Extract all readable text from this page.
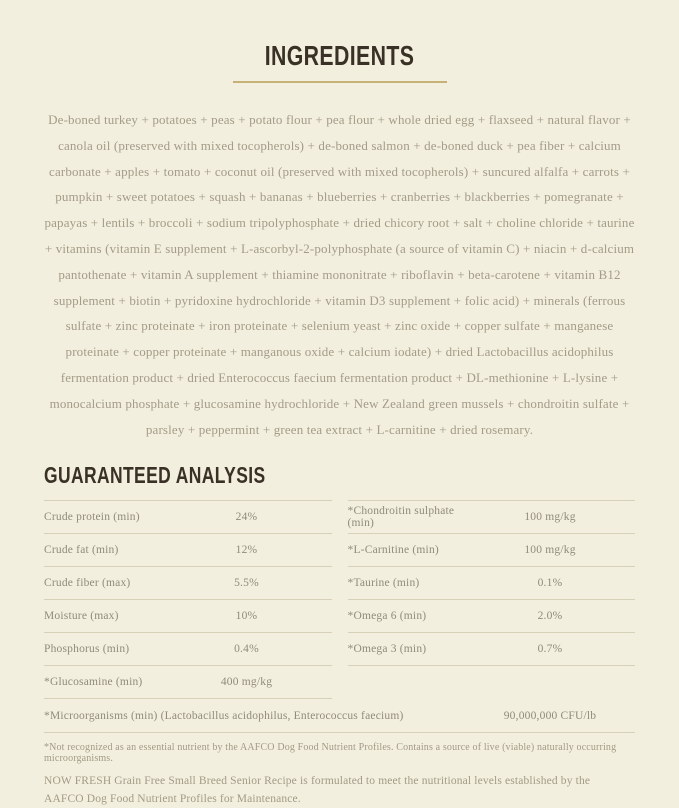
INGREDIENTS

De-boned turkey + potatoes + peas + potato flour + pea flour + whole dried egg + flaxseed + natural flavor + canola oil (preserved with mixed tocopherols) + de-boned salmon + de-boned duck + pea fiber + calcium carbonate + apples + tomato + coconut oil (preserved with mixed tocopherols) + suncured alfalfa + carrots + pumpkin + sweet potatoes + squash + bananas + blueberries + cranberries + blackberries + pomegranate + papayas + lentils + broccoli + sodium tripolyphosphate + dried chicory root + salt + choline chloride + taurine + vitamins (vitamin E supplement + L-ascorbyl-2-polyphosphate (a source of vitamin C) + niacin + d-calcium pantothenate + vitamin A supplement + thiamine mononitrate + riboflavin + beta-carotene + vitamin B12 supplement + biotin + pyridoxine hydrochloride + vitamin D3 supplement + folic acid) + minerals (ferrous sulfate + zinc proteinate + iron proteinate + selenium yeast + zinc oxide + copper sulfate + manganese proteinate + copper proteinate + manganous oxide + calcium iodate) + dried Lactobacillus acidophilus fermentation product + dried Enterococcus faecium fermentation product + DL-methionine + L-lysine + monocalcium phosphate + glucosamine hydrochloride + New Zealand green mussels + chondroitin sulfate + parsley + peppermint + green tea extract + L-carnitine + dried rosemary.

GUARANTEED ANALYSIS
Crude protein (min)	24%
Crude fat (min)	12%
Crude fiber (max)	5.5%
Moisture (max)	10%
Phosphorus (min)	0.4%
*Glucosamine (min)	400 mg/kg
*Chondroitin sulphate (min)	100 mg/kg
*L-Carnitine (min)	100 mg/kg
*Taurine (min)	0.1%
*Omega 6 (min)	2.0%
*Omega 3 (min)	0.7%
*Microorganisms (min) (Lactobacillus acidophilus, Enterococcus faecium)	90,000,000 CFU/lb

*Not recognized as an essential nutrient by the AAFCO Dog Food Nutrient Profiles. Contains a source of live (viable) naturally occurring microorganisms.

NOW FRESH Grain Free Small Breed Senior Recipe is formulated to meet the nutritional levels established by the AAFCO Dog Food Nutrient Profiles for Maintenance.
